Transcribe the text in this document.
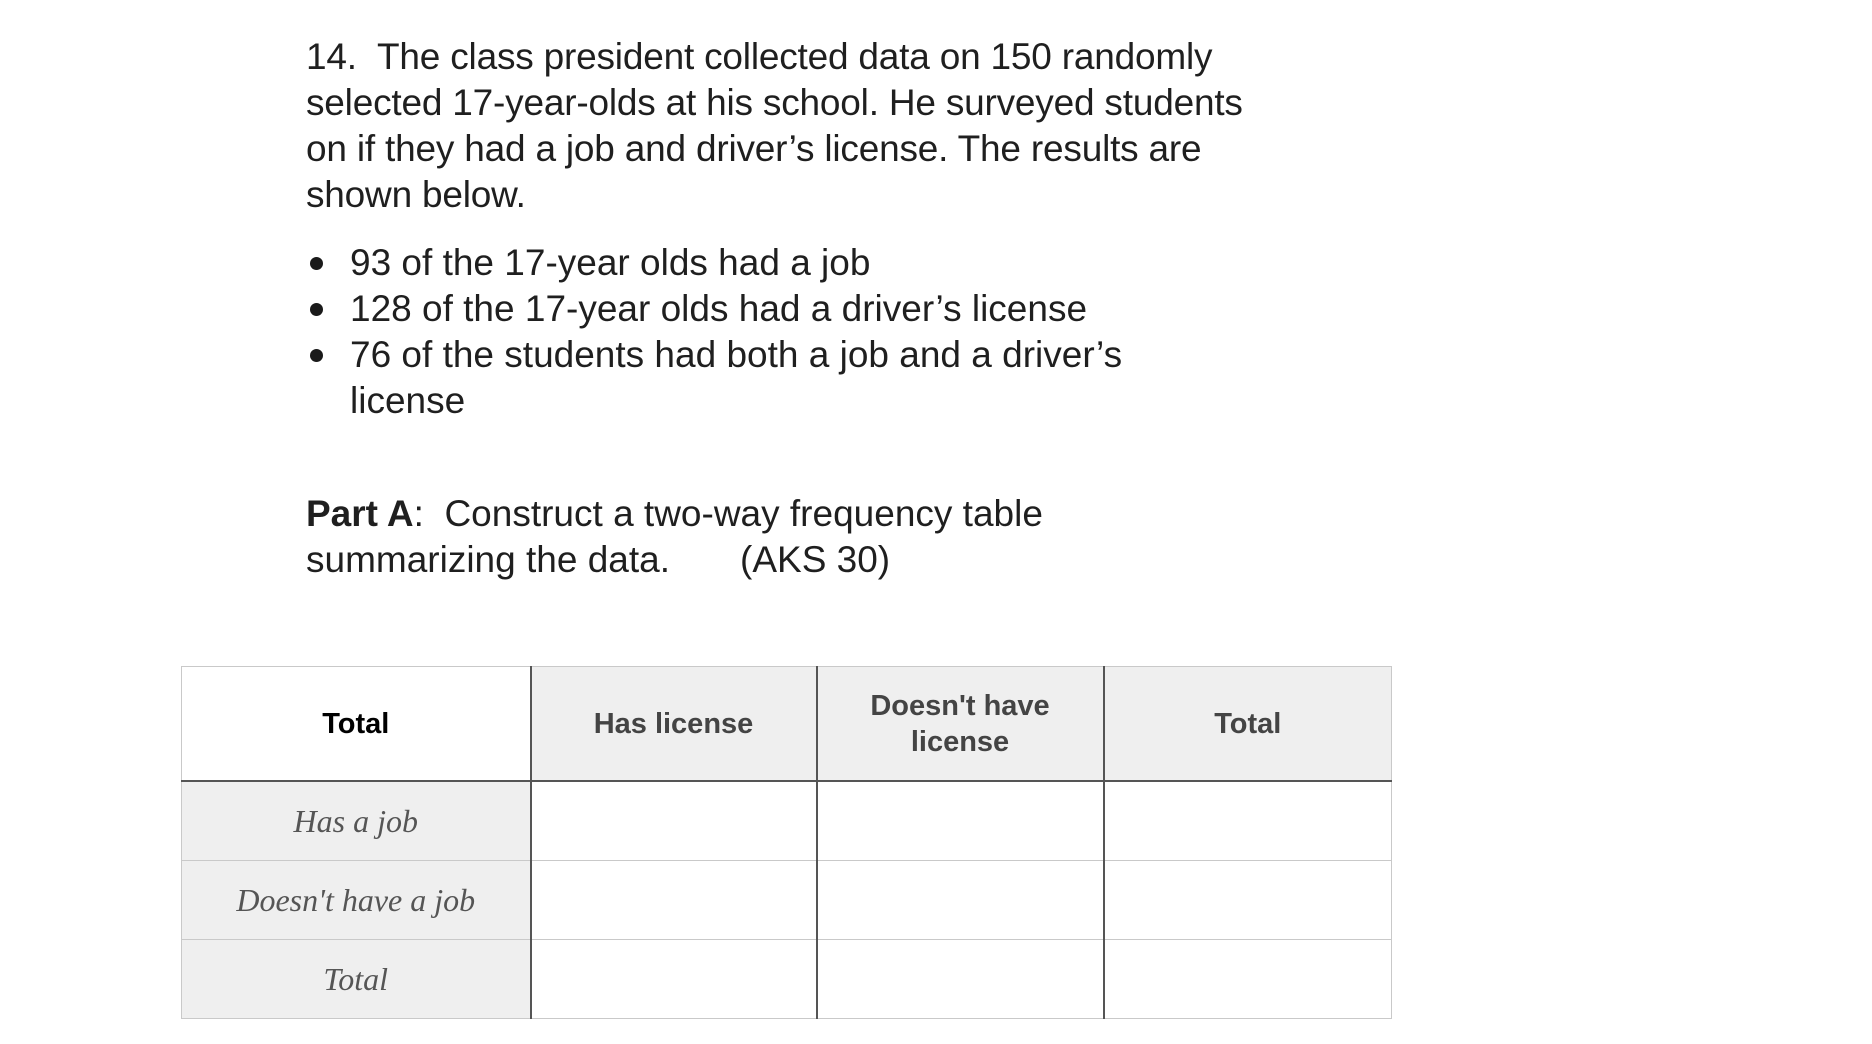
14. The class president collected data on 150 randomly selected 17-year-olds at his school. He surveyed students on if they had a job and driver’s license. The results are shown below.

93 of the 17-year olds had a job
128 of the 17-year olds had a driver’s license
76 of the students had both a job and a driver’s license
Part A:  Construct a two-way frequency table summarizing the data. (AKS 30)
Total	Has license	Doesn't have license	Total
Has a job			
Doesn't have a job			
Total			
